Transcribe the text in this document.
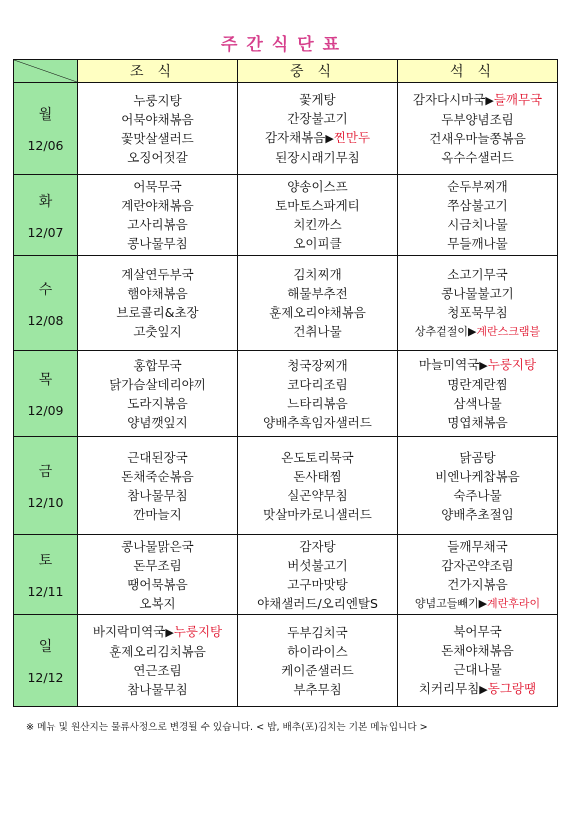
주간식단표
	조식	중식	석식

월
12/06	누룽지탕
어묵야채볶음
꽃맛살샐러드
오징어젓갈	꽃게탕
간장불고기
감자채볶음▶찐만두
된장시래기무침	감자다시마국▶들깨무국
두부양념조림
건새우마늘쫑볶음
옥수수샐러드

화
12/07	어묵무국
계란야채볶음
고사리볶음
콩나물무침	양송이스프
토마토스파게티
치킨까스
오이피클	순두부찌개
쭈삼불고기
시금치나물
무들깨나물

수
12/08	계살연두부국
햄야채볶음
브로콜리&초장
고춧잎지	김치찌개
해물부추전
훈제오리야채볶음
건취나물	소고기무국
콩나물불고기
청포묵무침
상추겉절이▶계란스크램블

목
12/09	홍합무국
닭가슴살데리야끼
도라지볶음
양념깻잎지	청국장찌개
코다리조림
느타리볶음
양배추흑임자샐러드	마늘미역국▶누룽지탕
명란계란찜
삼색나물
명엽채볶음

금
12/10	근대된장국
돈채죽순볶음
참나물무침
깐마늘지	온도토리묵국
돈사태찜
실곤약무침
맛살마카로니샐러드	닭곰탕
비엔나케찹볶음
숙주나물
양배추초절임

토
12/11	콩나물맑은국
돈무조림
땡어묵볶음
오복지	감자탕
버섯불고기
고구마맛탕
야채샐러드/오리엔탈S	들깨무채국
감자곤약조림
건가지볶음
양념고들빼기▶계란후라이

일
12/12	바지락미역국▶누룽지탕
훈제오리김치볶음
연근조림
참나물무침	두부김치국
하이라이스
케이준샐러드
부추무침	북어무국
돈채야채볶음
근대나물
치커리무침▶동그랑땡
※ 메뉴 및 원산지는 물류사정으로 변경될 수 있습니다. < 밥, 배추(포)김치는 기본 메뉴입니다 >
